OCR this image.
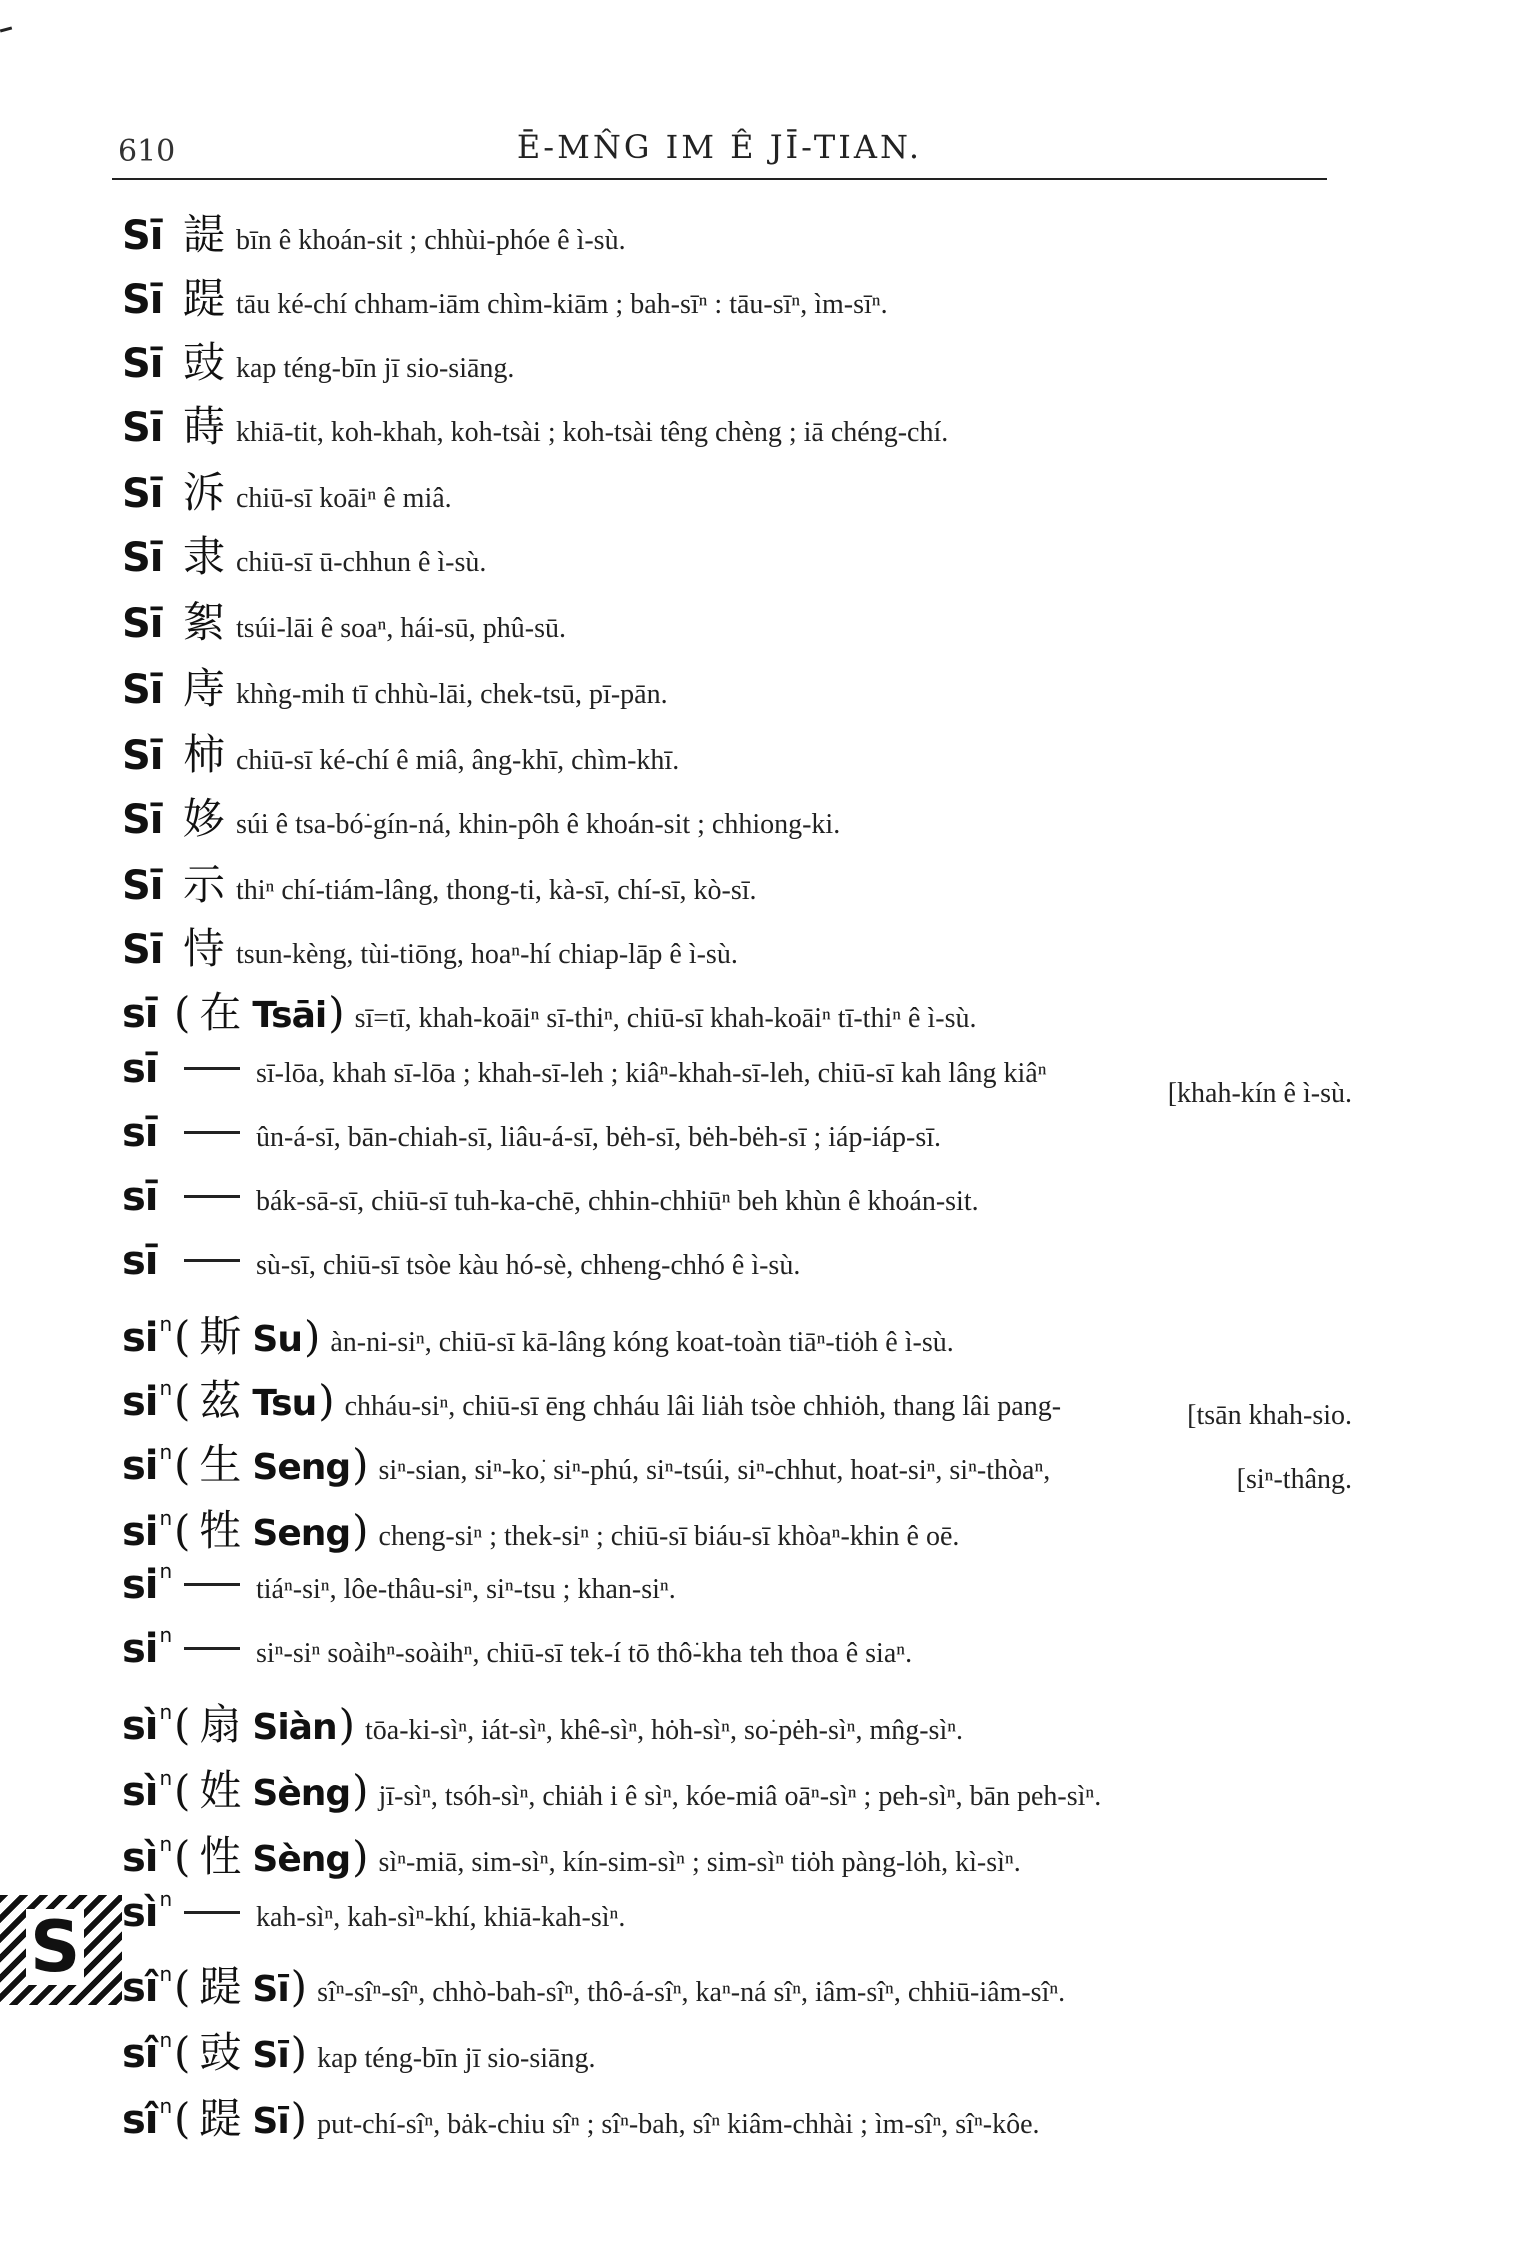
610	Ē-MN̂G IM Ê JĪ-TIAN.
Sī 諟 bīn ê khoán-sit ; chhùi-phóe ê ì-sù.
Sī 踶 tāu ké-chí chham-iām chìm-kiām ; bah-sīⁿ : tāu-sīⁿ, ìm-sīⁿ.
Sī 豉 kap téng-bīn jī sio-siāng.
Sī 蒔 khiā-tit, koh-khah, koh-tsài ; koh-tsài têng chèng ; iā chéng-chí.
Sī 泝 chiū-sī koāiⁿ ê miâ.
Sī 隶 chiū-sī ū-chhun ê ì-sù.
Sī 絮 tsúi-lāi ê soaⁿ, hái-sū, phû-sū.
Sī 庤 khǹg-mih tī chhù-lāi, chek-tsū, pī-pān.
Sī 柿 chiū-sī ké-chí ê miâ, âng-khī, chìm-khī.
Sī 姼 súi ê tsa-bó͘-gín-ná, khin-pôh ê khoán-sit ; chhiong-ki.
Sī 示 thiⁿ chí-tiám-lâng, thong-ti, kà-sī, chí-sī, kò-sī.
Sī 恃 tsun-kèng, tùi-tiōng, hoaⁿ-hí chiap-lāp ê ì-sù.
sī ( 在 Tsāi ) sī=tī, khah-koāiⁿ sī-thiⁿ, chiū-sī khah-koāiⁿ tī-thiⁿ ê ì-sù.
sī	sī-lōa, khah sī-lōa ; khah-sī-leh ; kiâⁿ-khah-sī-leh, chiū-sī kah lâng kiâⁿ
[khah-kín ê ì-sù.
sī	ûn-á-sī, bān-chiah-sī, liâu-á-sī, bėh-sī, bėh-bėh-sī ; iáp-iáp-sī.
sī	bák-sā-sī, chiū-sī tuh-ka-chē, chhin-chhiūⁿ beh khùn ê khoán-sit.
sī	sù-sī, chiū-sī tsòe kàu hó-sè, chheng-chhó ê ì-sù.
si $^n$ ( 斯 Su ) àn-ni-siⁿ, chiū-sī kā-lâng kóng koat-toàn tiāⁿ-tiȯh ê ì-sù.
si $^n$ ( 茲 Tsu ) chháu-siⁿ, chiū-sī ēng chháu lâi liȧh tsòe chhiȯh, thang lâi pang-	[tsān khah-sio.
si $^n$ ( 生 Seng ) siⁿ-sian, siⁿ-ko͘, siⁿ-phú, siⁿ-tsúi, siⁿ-chhut, hoat-siⁿ, siⁿ-thòaⁿ,	[siⁿ-thâng.
si $^n$ ( 牲 Seng ) cheng-siⁿ ; thek-siⁿ ; chiū-sī biáu-sī khòaⁿ-khin ê oē.
si $^n$
tiáⁿ-siⁿ, lôe-thâu-siⁿ, siⁿ-tsu ; khan-siⁿ.
si $^n$
siⁿ-siⁿ soàihⁿ-soàihⁿ, chiū-sī tek-í tō thô͘-kha teh thoa ê siaⁿ.
sì $^n$ ( 扇 Siàn ) tōa-ki-sìⁿ, iát-sìⁿ, khê-sìⁿ, hȯh-sìⁿ, so͘-pėh-sìⁿ, mn̂g-sìⁿ.
sì $^n$ ( 姓 Sèng ) jī-sìⁿ, tsóh-sìⁿ, chiȧh i ê sìⁿ, kóe-miâ oāⁿ-sìⁿ ; peh-sìⁿ, bān peh-sìⁿ.
sì $^n$ ( 性 Sèng ) sìⁿ-miā, sim-sìⁿ, kín-sim-sìⁿ ; sim-sìⁿ tiȯh pàng-lȯh, kì-sìⁿ.
sì $^n$
kah-sìⁿ, kah-sìⁿ-khí, khiā-kah-sìⁿ.
sî $^n$ ( 踶 Sī ) sîⁿ-sîⁿ-sîⁿ, chhò-bah-sîⁿ, thô-á-sîⁿ, kaⁿ-ná sîⁿ, iâm-sîⁿ, chhiū-iâm-sîⁿ.
sî $^n$ ( 豉 Sī ) kap téng-bīn jī sio-siāng.
sî $^n$ ( 踶 Sī ) put-chí-sîⁿ, bȧk-chiu sîⁿ ; sîⁿ-bah, sîⁿ kiâm-chhài ; ìm-sîⁿ, sîⁿ-kôe.
S
